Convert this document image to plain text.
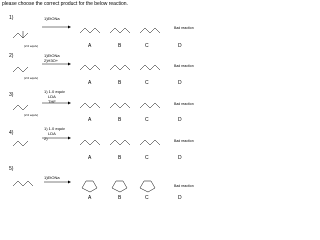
please choose the correct product for the below reaction.
1)	1)EtONa
(2.0 equiv)	A	B	C	D
Bad reaction
2)	1)EtONa
2)H3O+
(2.0 equiv)
A	B	C	D
Bad reaction
3)
1) 1.0 equiv
LDA
THF
(2.0 equiv)
A	B	C	D
Bad reaction
4)
1) 1.0 equiv
LDA
2)
A	B	C	D
Bad reaction
5)
1)EtONa
A	B	C	D
Bad reaction
